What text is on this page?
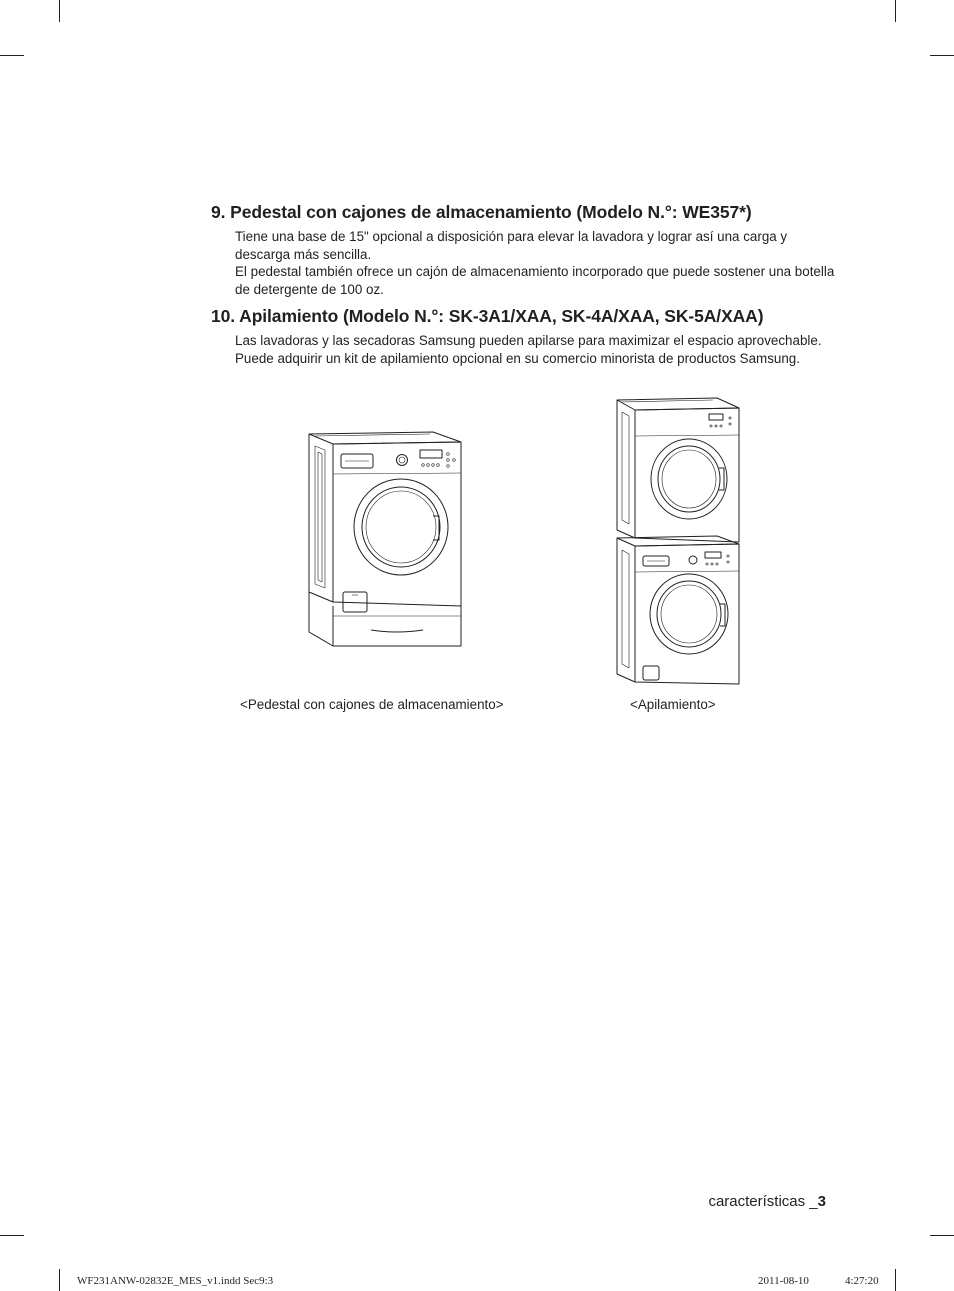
9. Pedestal con cajones de almacenamiento (Modelo N.°: WE357*)

Tiene una base de 15" opcional a disposición para elevar la lavadora y lograr así una carga y descarga más sencilla.

El pedestal también ofrece un cajón de almacenamiento incorporado que puede sostener una botella de detergente de 100 oz.

10. Apilamiento (Modelo N.°: SK-3A1/XAA, SK-4A/XAA, SK-5A/XAA)

Las lavadoras y las secadoras Samsung pueden apilarse para maximizar el espacio aprovechable. Puede adquirir un kit de apilamiento opcional en su comercio minorista de productos Samsung.

<Pedestal con cajones de almacenamiento>	<Apilamiento>
características _3
WF231ANW-02832E_MES_v1.indd Sec9:3	2011-08-10	4:27:20
